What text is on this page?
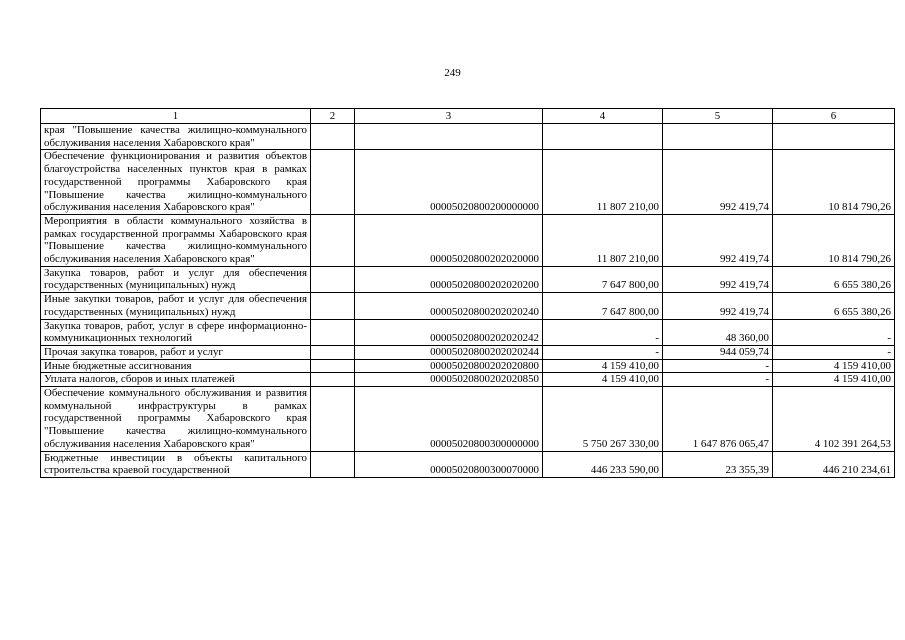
249
1	2	3	4	5	6
края "Повышение качества жилищно-коммунального обслуживания населения Хабаровского края"					
Обеспечение функционирования и развития объектов благоустройства населенных пунктов края в рамках государственной программы Хабаровского края "Повышение качества жилищно-коммунального обслуживания населения Хабаровского края"		00005020800200000000	11 807 210,00	992 419,74	10 814 790,26
Мероприятия в области коммунального хозяйства в рамках государственной программы Хабаровского края "Повышение качества жилищно-коммунального обслуживания населения Хабаровского края"		00005020800202020000	11 807 210,00	992 419,74	10 814 790,26
Закупка товаров, работ и услуг для обеспечения государственных (муниципальных) нужд		00005020800202020200	7 647 800,00	992 419,74	6 655 380,26
Иные закупки товаров, работ и услуг для обеспечения государственных (муниципальных) нужд		00005020800202020240	7 647 800,00	992 419,74	6 655 380,26
Закупка товаров, работ, услуг в сфере информационно-коммуникационных технологий		00005020800202020242	-	48 360,00	-
Прочая закупка товаров, работ и услуг		00005020800202020244	-	944 059,74	-
Иные бюджетные ассигнования		00005020800202020800	4 159 410,00	-	4 159 410,00
Уплата налогов, сборов и иных платежей		00005020800202020850	4 159 410,00	-	4 159 410,00
Обеспечение коммунального обслуживания и развития коммунальной инфраструктуры в рамках государственной программы Хабаровского края "Повышение качества жилищно-коммунального обслуживания населения Хабаровского края"		00005020800300000000	5 750 267 330,00	1 647 876 065,47	4 102 391 264,53
Бюджетные инвестиции в объекты капитального строительства краевой государственной		00005020800300070000	446 233 590,00	23 355,39	446 210 234,61
